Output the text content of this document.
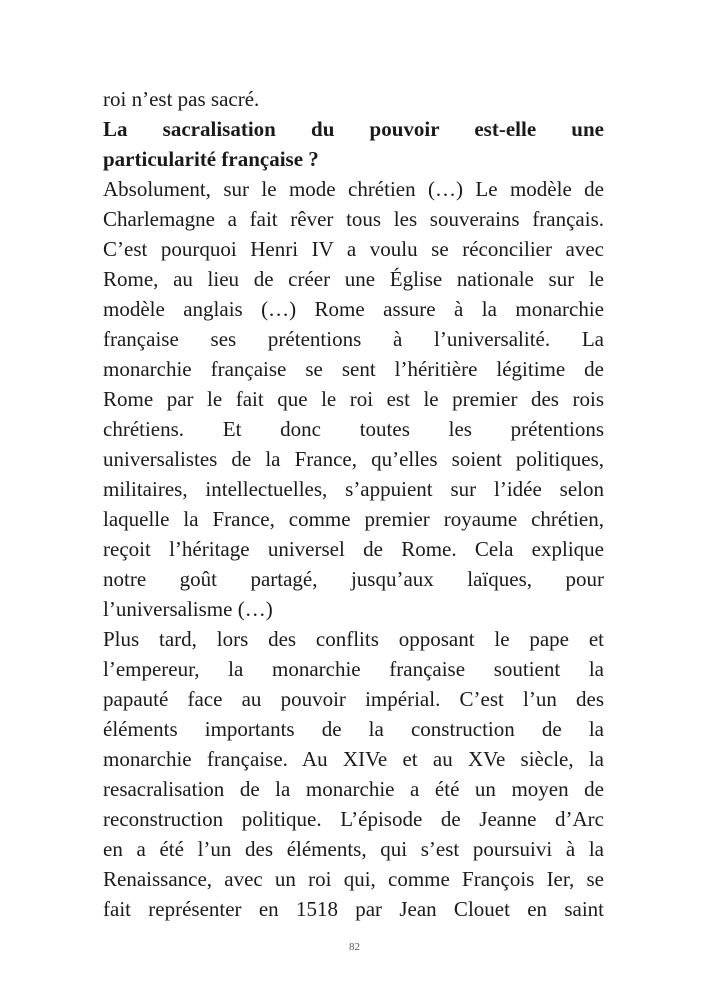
roi n’est pas sacré.
La sacralisation du pouvoir est-elle une
particularité française ?
Absolument, sur le mode chrétien (…) Le modèle de
Charlemagne a fait rêver tous les souverains français.
C’est pourquoi Henri IV a voulu se réconcilier avec
Rome, au lieu de créer une Église nationale sur le
modèle anglais (…) Rome assure à la monarchie
française ses prétentions à l’universalité. La
monarchie française se sent l’héritière légitime de
Rome par le fait que le roi est le premier des rois
chrétiens. Et donc toutes les prétentions
universalistes de la France, qu’elles soient politiques,
militaires, intellectuelles, s’appuient sur l’idée selon
laquelle la France, comme premier royaume chrétien,
reçoit l’héritage universel de Rome. Cela explique
notre goût partagé, jusqu’aux laïques, pour
l’universalisme (…)
Plus tard, lors des conflits opposant le pape et
l’empereur, la monarchie française soutient la
papauté face au pouvoir impérial. C’est l’un des
éléments importants de la construction de la
monarchie française. Au XIVe et au XVe siècle, la
resacralisation de la monarchie a été un moyen de
reconstruction politique. L’épisode de Jeanne d’Arc
en a été l’un des éléments, qui s’est poursuivi à la
Renaissance, avec un roi qui, comme François Ier, se
fait représenter en 1518 par Jean Clouet en saint
82
